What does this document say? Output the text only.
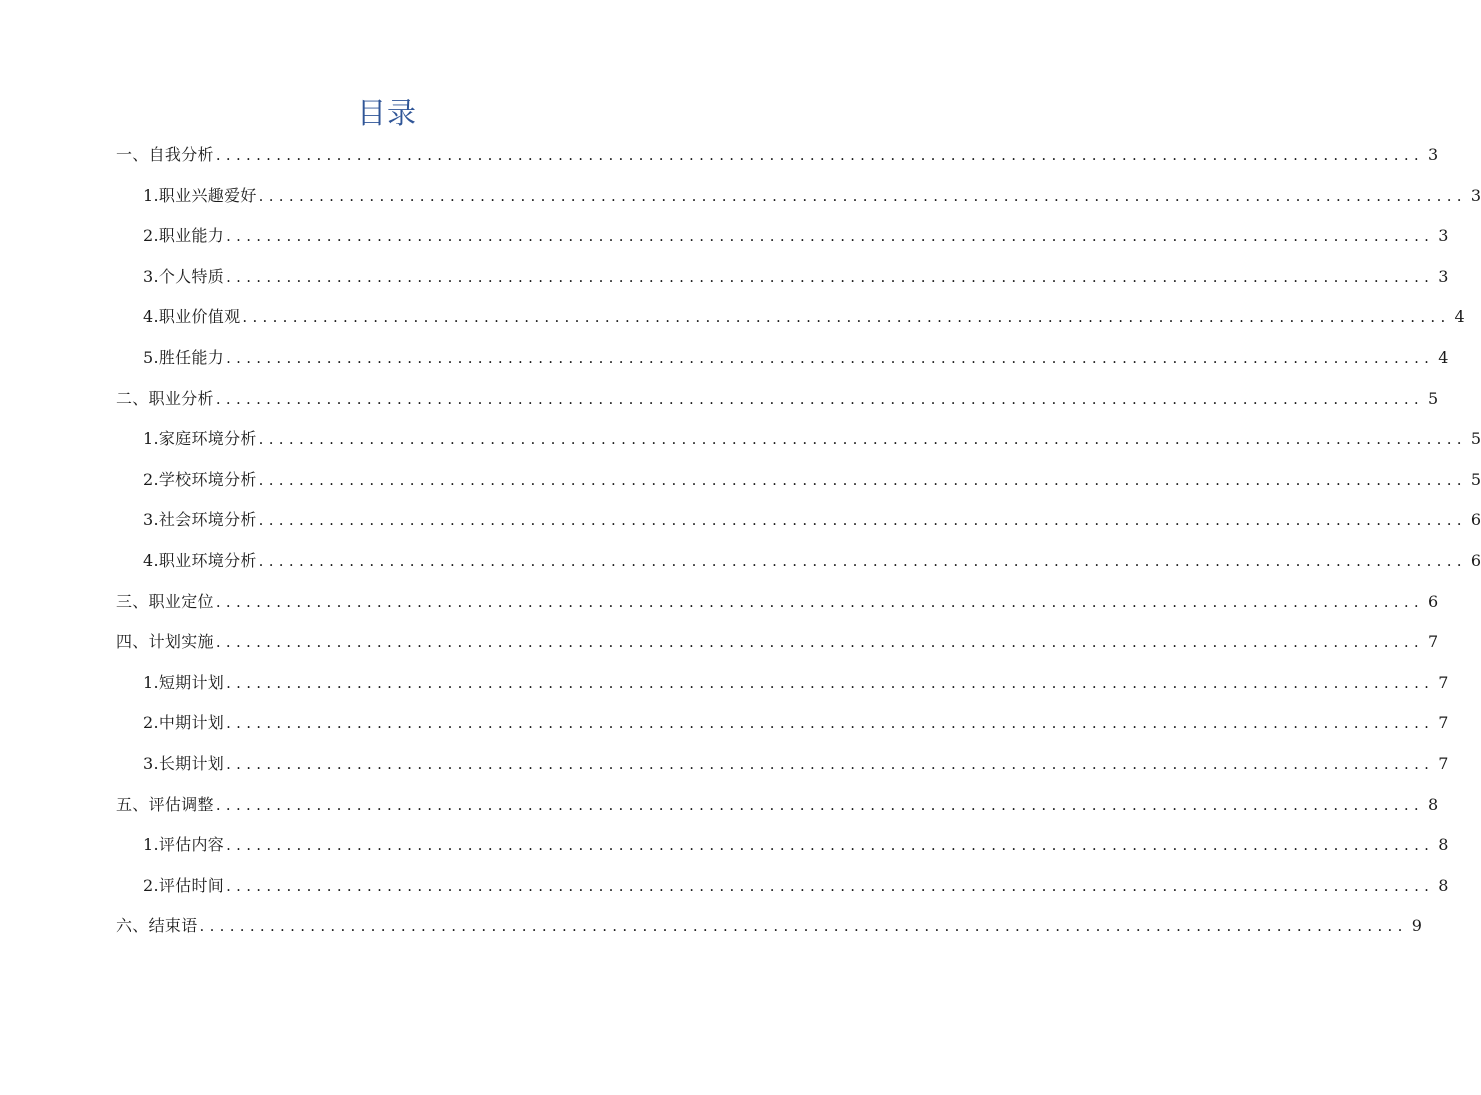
目录
一、自我分析 ........................................................................................................................ 3
1.职业兴趣爱好 ........................................................................................................................ 3
2.职业能力 ........................................................................................................................ 3
3.个人特质 ........................................................................................................................ 3
4.职业价值观 ........................................................................................................................ 4
5.胜任能力 ........................................................................................................................ 4
二、职业分析 ........................................................................................................................ 5
1.家庭环境分析 ........................................................................................................................ 5
2.学校环境分析 ........................................................................................................................ 5
3.社会环境分析 ........................................................................................................................ 6
4.职业环境分析 ........................................................................................................................ 6
三、职业定位 ........................................................................................................................ 6
四、计划实施 ........................................................................................................................ 7
1.短期计划 ........................................................................................................................ 7
2.中期计划 ........................................................................................................................ 7
3.长期计划 ........................................................................................................................ 7
五、评估调整 ........................................................................................................................ 8
1.评估内容 ........................................................................................................................ 8
2.评估时间 ........................................................................................................................ 8
六、结束语 ........................................................................................................................ 9
